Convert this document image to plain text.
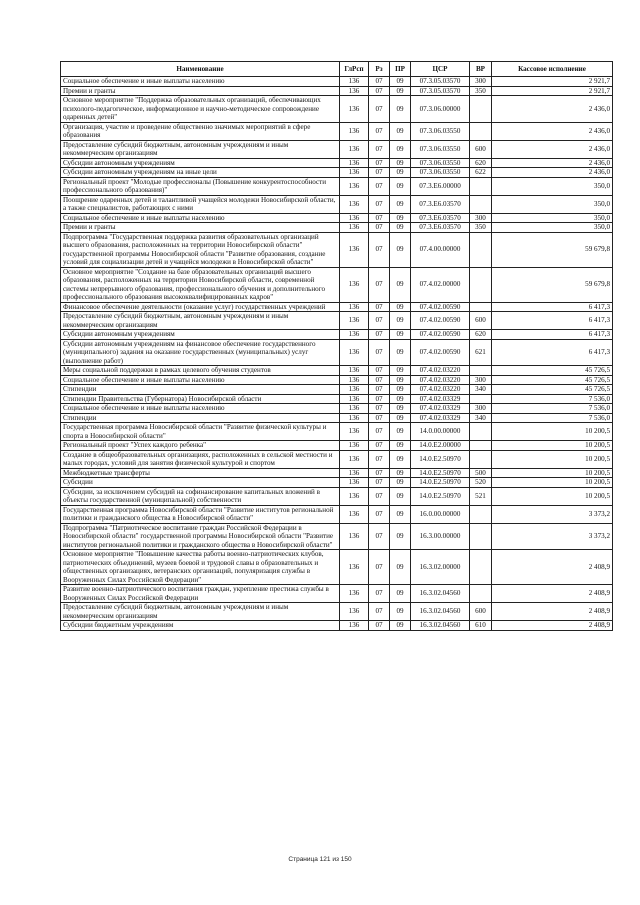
Наименование	ГлРсп	Рз	ПР	ЦСР	ВР	Кассовое исполнение
Социальное обеспечение и иные выплаты населению	136	07	09	07.3.05.03570	300	2 921,7
Премии и гранты	136	07	09	07.3.05.03570	350	2 921,7
Основное мероприятие "Поддержка образовательных организаций, обеспечивающих психолого-педагогическое, информационное и научно-методическое сопровождение одаренных детей"	136	07	09	07.3.06.00000		2 436,0
Организация, участие и проведение общественно значимых мероприятий в сфере образования	136	07	09	07.3.06.03550		2 436,0
Предоставление субсидий бюджетным, автономным учреждениям и иным некоммерческим организациям	136	07	09	07.3.06.03550	600	2 436,0
Субсидии автономным учреждениям	136	07	09	07.3.06.03550	620	2 436,0
Субсидии автономным учреждениям на иные цели	136	07	09	07.3.06.03550	622	2 436,0
Региональный проект "Молодые профессионалы (Повышение конкурентоспособности профессионального образования)"	136	07	09	07.3.E6.00000		350,0
Поощрение одаренных детей и талантливой учащейся молодежи Новосибирской области, а также специалистов, работающих с ними	136	07	09	07.3.E6.03570		350,0
Социальное обеспечение и иные выплаты населению	136	07	09	07.3.E6.03570	300	350,0
Премии и гранты	136	07	09	07.3.E6.03570	350	350,0
Подпрограмма "Государственная поддержка развития образовательных организаций высшего образования, расположенных на территории Новосибирской области" государственной программы Новосибирской области "Развитие образования, создание условий для социализации детей и учащейся молодежи в Новосибирской области"	136	07	09	07.4.00.00000		59 679,8
Основное мероприятие "Создание на базе образовательных организаций высшего образования, расположенных на территории Новосибирской области, современной системы непрерывного образования, профессионального обучения и дополнительного профессионального образования высококвалифицированных кадров"	136	07	09	07.4.02.00000		59 679,8
Финансовое обеспечение деятельности (оказание услуг) государственных учреждений	136	07	09	07.4.02.00590		6 417,3
Предоставление субсидий бюджетным, автономным учреждениям и иным некоммерческим организациям	136	07	09	07.4.02.00590	600	6 417,3
Субсидии автономным учреждениям	136	07	09	07.4.02.00590	620	6 417,3
Субсидии автономным учреждениям на финансовое обеспечение государственного (муниципального) задания на оказание государственных (муниципальных) услуг (выполнение работ)	136	07	09	07.4.02.00590	621	6 417,3
Меры социальной поддержки в рамках целевого обучения студентов	136	07	09	07.4.02.03220		45 726,5
Социальное обеспечение и иные выплаты населению	136	07	09	07.4.02.03220	300	45 726,5
Стипендии	136	07	09	07.4.02.03220	340	45 726,5
Стипендии Правительства (Губернатора) Новосибирской области	136	07	09	07.4.02.03329		7 536,0
Социальное обеспечение и иные выплаты населению	136	07	09	07.4.02.03329	300	7 536,0
Стипендии	136	07	09	07.4.02.03329	340	7 536,0
Государственная программа Новосибирской области "Развитие физической культуры и спорта в Новосибирской области"	136	07	09	14.0.00.00000		10 200,5
Региональный проект "Успех каждого ребенка"	136	07	09	14.0.E2.00000		10 200,5
Создание в общеобразовательных организациях, расположенных в сельской местности и малых городах, условий для занятия физической культурой и спортом	136	07	09	14.0.E2.50970		10 200,5
Межбюджетные трансферты	136	07	09	14.0.E2.50970	500	10 200,5
Субсидии	136	07	09	14.0.E2.50970	520	10 200,5
Субсидии, за исключением субсидий на софинансирование капитальных вложений в объекты государственной (муниципальной) собственности	136	07	09	14.0.E2.50970	521	10 200,5
Государственная программа Новосибирской области "Развитие институтов региональной политики и гражданского общества в Новосибирской области"	136	07	09	16.0.00.00000		3 373,2
Подпрограмма "Патриотическое воспитание граждан Российской Федерации в Новосибирской области" государственной программы Новосибирской области "Развитие институтов региональной политики и гражданского общества в Новосибирской области"	136	07	09	16.3.00.00000		3 373,2
Основное мероприятие "Повышение качества работы военно-патриотических клубов, патриотических объединений, музеев боевой и трудовой славы в образовательных и общественных организациях, ветеранских организаций, популяризация службы в Вооруженных Силах Российской Федерации"	136	07	09	16.3.02.00000		2 408,9
Развитие военно-патриотического воспитания граждан, укрепление престижа службы в Вооруженных Силах Российской Федерации	136	07	09	16.3.02.04560		2 408,9
Предоставление субсидий бюджетным, автономным учреждениям и иным некоммерческим организациям	136	07	09	16.3.02.04560	600	2 408,9
Субсидии бюджетным учреждениям	136	07	09	16.3.02.04560	610	2 408,9
Страница 121 из 150
